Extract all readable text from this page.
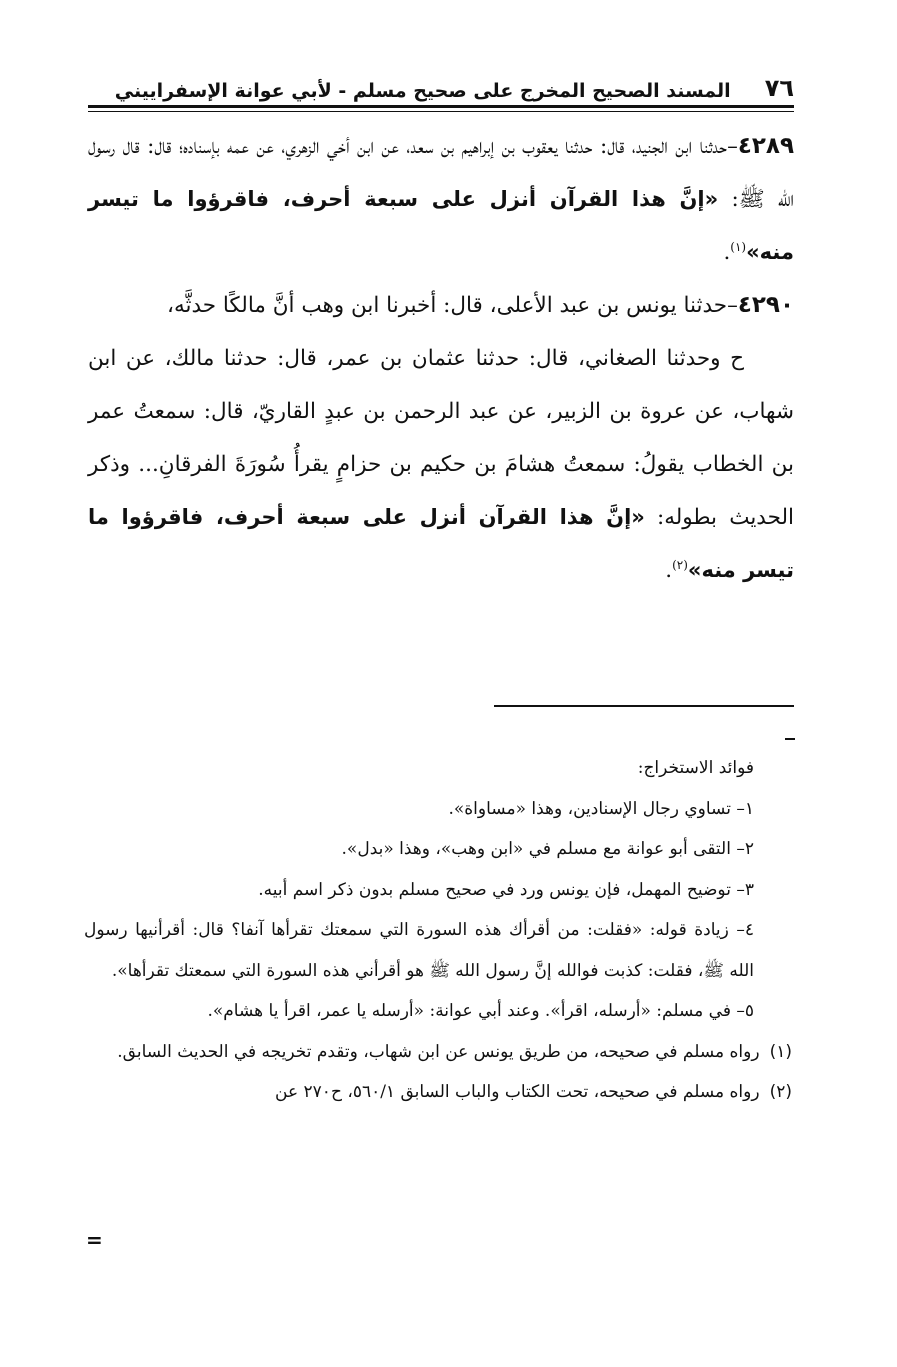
٧٦
المسند الصحيح المخرج على صحيح مسلم - لأبي عوانة الإسفراييني

٤٢٨٩–حدثنا ابن الجنيد، قال: حدثنا يعقوب بن إبراهيم بن سعد، عن ابن أخي الزهري، عن عمه بإسناده؛ قال: قال رسول الله ﷺ: «إنَّ هذا القرآن أنزل على سبعة أحرف، فاقرؤوا ما تيسر منه»$^{(١)}$.

٤٢٩٠–حدثنا يونس بن عبد الأعلى، قال: أخبرنا ابن وهب أنَّ مالكًا حدثَّه،

ح وحدثنا الصغاني، قال: حدثنا عثمان بن عمر، قال: حدثنا مالك، عن ابن شهاب، عن عروة بن الزبير، عن عبد الرحمن بن عبدٍ القاريّ، قال: سمعتُ عمر بن الخطاب يقولُ: سمعتُ هشامَ بن حكيم بن حزامٍ يقرأُ سُورَةَ الفرقانِ... وذكر الحديث بطوله: «إنَّ هذا القرآن أنزل على سبعة أحرف، فاقرؤوا ما تيسر منه»$^{(٢)}$.

فوائد الاستخراج:

١– تساوي رجال الإسنادين، وهذا «مساواة».

٢– التقى أبو عوانة مع مسلم في «ابن وهب»، وهذا «بدل».

٣– توضيح المهمل، فإن يونس ورد في صحيح مسلم بدون ذكر اسم أبيه.

٤– زيادة قوله: «فقلت: من أقرأك هذه السورة التي سمعتك تقرأها آنفا؟ قال: أقرأنيها رسول الله ﷺ، فقلت: كذبت فوالله إنَّ رسول الله ﷺ هو أقرأني هذه السورة التي سمعتك تقرأها».

٥– في مسلم: «أرسله، اقرأ». وعند أبي عوانة: «أرسله يا عمر، اقرأ يا هشام».

(١)رواه مسلم في صحيحه، من طريق يونس عن ابن شهاب، وتقدم تخريجه في الحديث السابق.

(٢)رواه مسلم في صحيحه، تحت الكتاب والباب السابق ٥٦٠/١، ح٢٧٠ عن

=
